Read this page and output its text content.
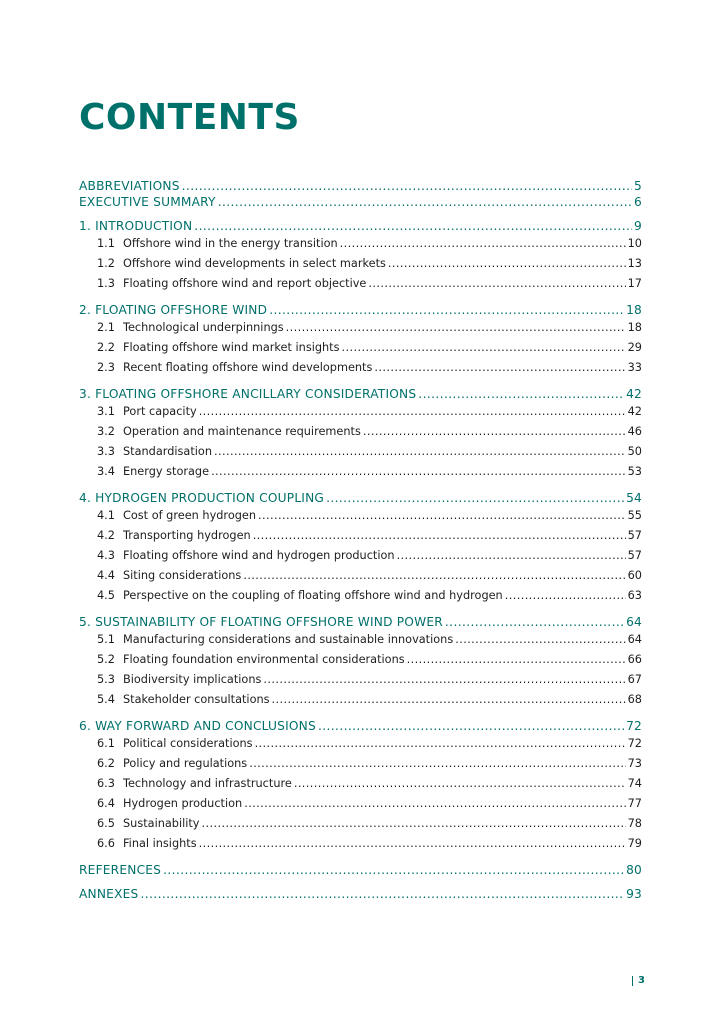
CONTENTS
ABBREVIATIONS .....	5
EXECUTIVE SUMMARY .....	6
1. INTRODUCTION .....	9
1.1 Offshore wind in the energy transition .....	10
1.2 Offshore wind developments in select markets .....	13
1.3 Floating offshore wind and report objective .....	17
2. FLOATING OFFSHORE WIND .....	18
2.1 Technological underpinnings .....	18
2.2 Floating offshore wind market insights .....	29
2.3 Recent floating offshore wind developments .....	33
3. FLOATING OFFSHORE ANCILLARY CONSIDERATIONS .....	42
3.1 Port capacity .....	42
3.2 Operation and maintenance requirements .....	46
3.3 Standardisation .....	50
3.4 Energy storage .....	53
4. HYDROGEN PRODUCTION COUPLING .....	54
4.1 Cost of green hydrogen .....	55
4.2 Transporting hydrogen .....	57
4.3 Floating offshore wind and hydrogen production .....	57
4.4 Siting considerations .....	60
4.5 Perspective on the coupling of floating offshore wind and hydrogen .....	63
5. SUSTAINABILITY OF FLOATING OFFSHORE WIND POWER .....	64
5.1 Manufacturing considerations and sustainable innovations .....	64
5.2 Floating foundation environmental considerations .....	66
5.3 Biodiversity implications .....	67
5.4 Stakeholder consultations .....	68
6. WAY FORWARD AND CONCLUSIONS .....	72
6.1 Political considerations .....	72
6.2 Policy and regulations .....	73
6.3 Technology and infrastructure .....	74
6.4 Hydrogen production .....	77
6.5 Sustainability .....	78
6.6 Final insights .....	79
REFERENCES .....	80
ANNEXES .....	93
3
